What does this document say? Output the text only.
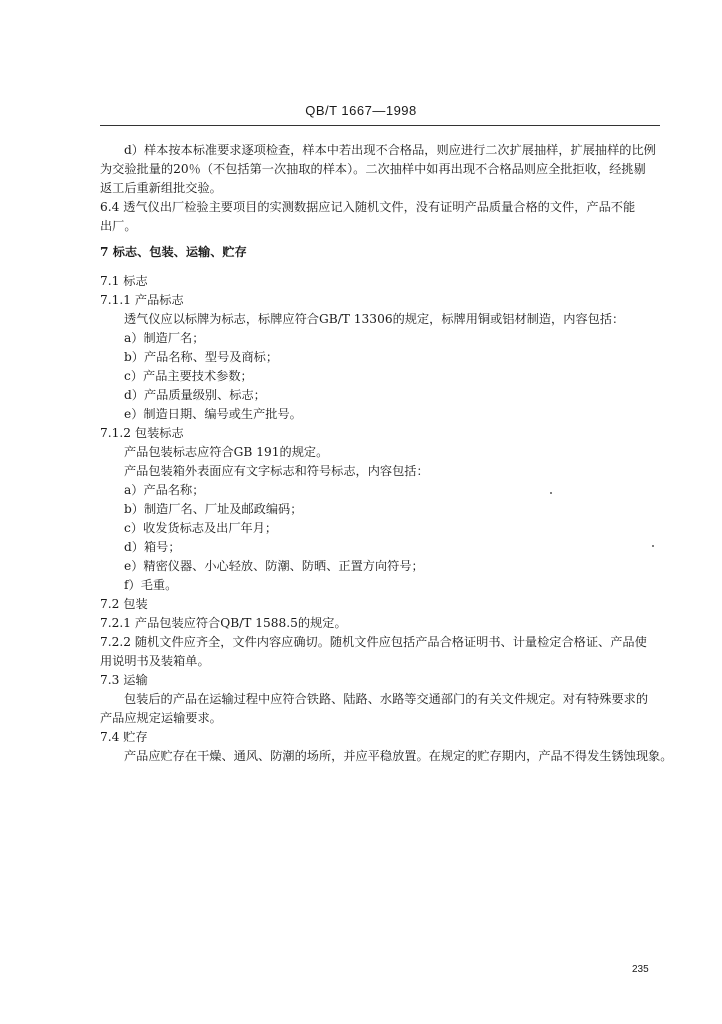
QB/T 1667—1998
d）样本按本标准要求逐项检查，样本中若出现不合格品，则应进行二次扩展抽样，扩展抽样的比例
为交验批量的20％（不包括第一次抽取的样本）。二次抽样中如再出现不合格品则应全批拒收，经挑剔
返工后重新组批交验。
6.4 透气仪出厂检验主要项目的实测数据应记入随机文件，没有证明产品质量合格的文件，产品不能
出厂。
7 标志、包装、运输、贮存
7.1 标志
7.1.1 产品标志
透气仪应以标牌为标志，标牌应符合GB/T 13306的规定，标牌用铜或铝材制造，内容包括：
a）制造厂名；
b）产品名称、型号及商标；
c）产品主要技术参数；
d）产品质量级别、标志；
e）制造日期、编号或生产批号。
7.1.2 包装标志
产品包装标志应符合GB 191的规定。
产品包装箱外表面应有文字标志和符号标志，内容包括：
a）产品名称；
b）制造厂名、厂址及邮政编码；
c）收发货标志及出厂年月；
d）箱号；
e）精密仪器、小心轻放、防潮、防晒、正置方向符号；
f）毛重。
7.2 包装
7.2.1 产品包装应符合QB/T 1588.5的规定。
7.2.2 随机文件应齐全，文件内容应确切。随机文件应包括产品合格证明书、计量检定合格证、产品使
用说明书及装箱单。
7.3 运输
包装后的产品在运输过程中应符合铁路、陆路、水路等交通部门的有关文件规定。对有特殊要求的
产品应规定运输要求。
7.4 贮存
产品应贮存在干燥、通风、防潮的场所，并应平稳放置。在规定的贮存期内，产品不得发生锈蚀现象。
235
